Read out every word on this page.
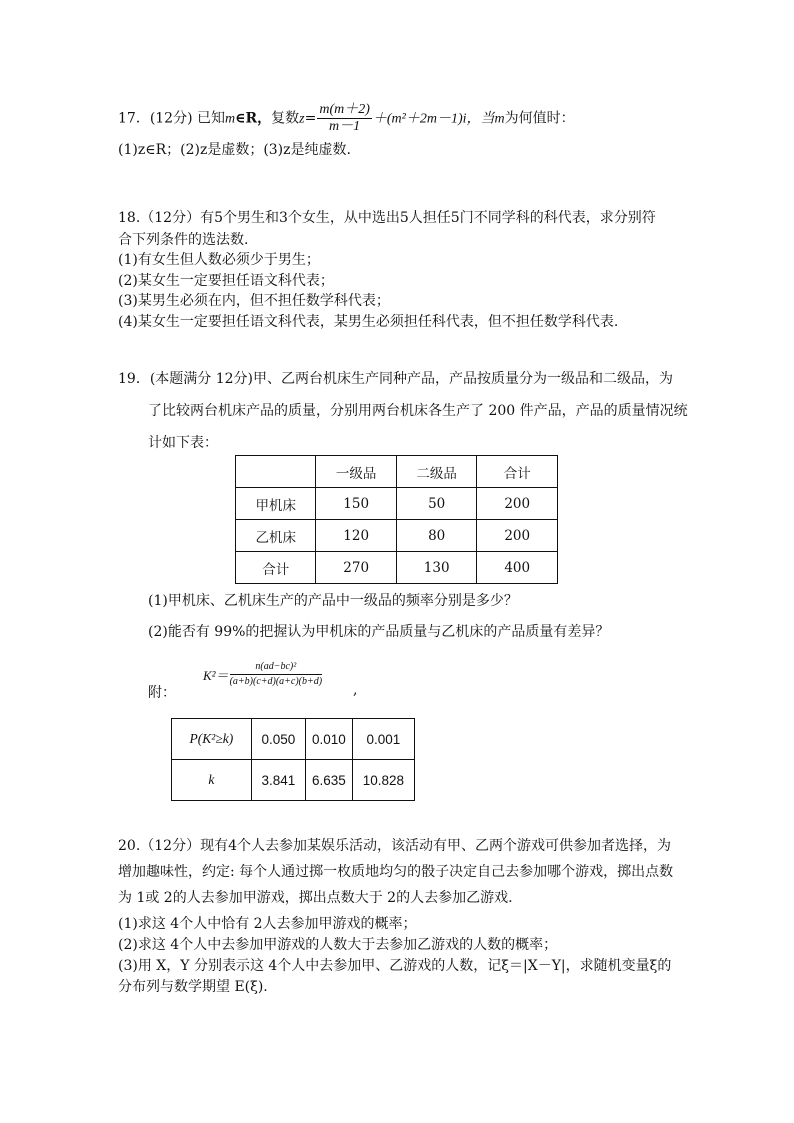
17．(12分) 已知m∈R，复数$z= \frac{m(m+2)}{m-1} +(m^2+2m-1)i$，当m为何值时：
(1)z∈R；(2)z是虚数；(3)z是纯虚数.
18.（12分）有5个男生和3个女生，从中选出5人担任5门不同学科的科代表，求分别符
合下列条件的选法数.
(1)有女生但人数必须少于男生；
(2)某女生一定要担任语文科代表；
(3)某男生必须在内，但不担任数学科代表；
(4)某女生一定要担任语文科代表，某男生必须担任科代表，但不担任数学科代表.
19．(本题满分 12分)甲、乙两台机床生产同种产品，产品按质量分为一级品和二级品，为
了比较两台机床产品的质量，分别用两台机床各生产了 200 件产品，产品的质量情况统
计如下表：
	一级品	二级品	合计
甲机床	150	50	200
乙机床	120	80	200
合计	270	130	400
(1)甲机床、乙机床生产的产品中一级品的频率分别是多少？
(2)能否有 99%的把握认为甲机床的产品质量与乙机床的产品质量有差异？
$K^2= \frac{\text{n(ad−bc)²}}{(a+b)(c+d)(a+c)(b+d)}$
附：	,
P(K²≥k)	0.050	0.010	0.001
k	3.841	6.635	10.828
20.（12分）现有4个人去参加某娱乐活动，该活动有甲、乙两个游戏可供参加者选择，为
增加趣味性，约定: 每个人通过掷一枚质地均匀的骰子决定自己去参加哪个游戏，掷出点数
为 1或 2的人去参加甲游戏，掷出点数大于 2的人去参加乙游戏.
(1)求这 4个人中恰有 2人去参加甲游戏的概率；
(2)求这 4个人中去参加甲游戏的人数大于去参加乙游戏的人数的概率；
(3)用 X，Y 分别表示这 4个人中去参加甲、乙游戏的人数，记ξ＝|X－Y|，求随机变量ξ的
分布列与数学期望 E(ξ).
